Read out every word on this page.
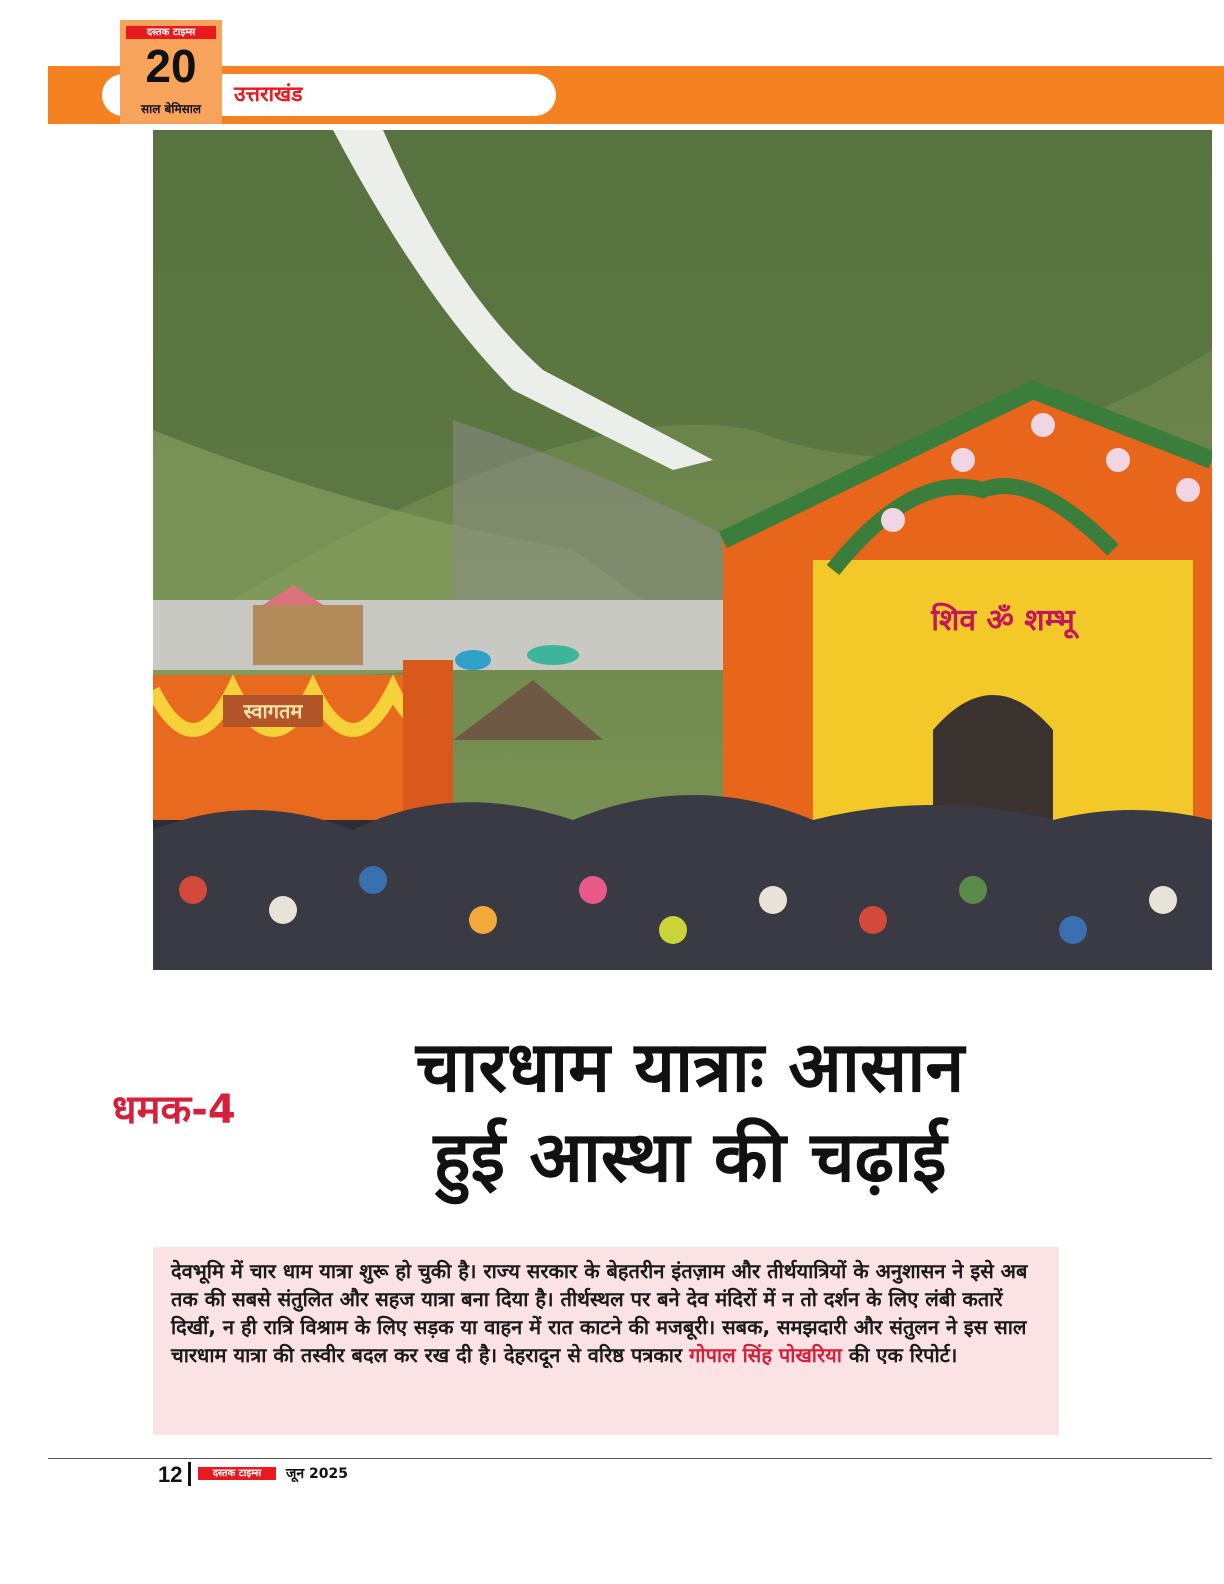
उत्तराखंड
दस्तक टाइम्स
20
साल बेमिसाल
स्वागतम
शिव ॐ शम्भू
धमक-4
चारधाम यात्राः आसान
हुई आस्था की चढ़ाई

देवभूमि में चार धाम यात्रा शुरू हो चुकी है। राज्य सरकार के बेहतरीन इंतज़ाम और तीर्थयात्रियों के अनुशासन ने इसे अब तक की सबसे संतुलित और सहज यात्रा बना दिया है। तीर्थस्थल पर बने देव मंदिरों में न तो दर्शन के लिए लंबी कतारें दिखीं, न ही रात्रि विश्राम के लिए सड़क या वाहन में रात काटने की मजबूरी। सबक, समझदारी और संतुलन ने इस साल चारधाम यात्रा की तस्वीर बदल कर रख दी है। देहरादून से वरिष्ठ पत्रकार गोपाल सिंह पोखरिया की एक रिपोर्ट।

12	दस्तक टाइम्स	जून 2025
